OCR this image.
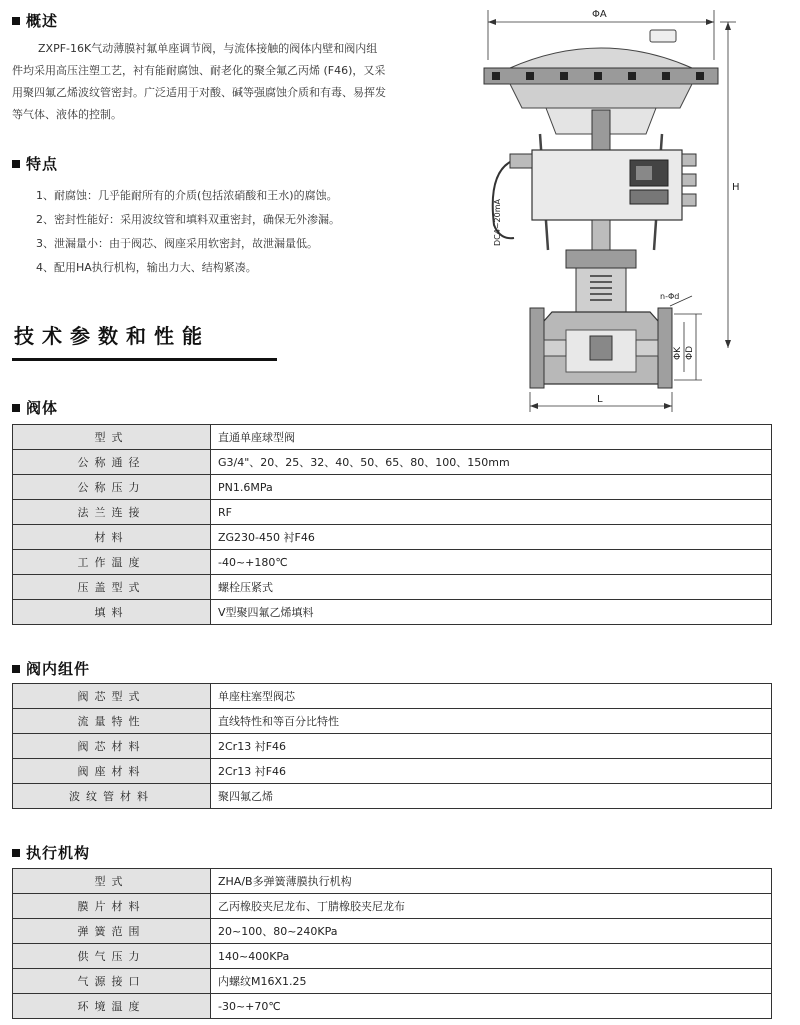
概述
ZXPF-16K气动薄膜衬氟单座调节阀，与流体接触的阀体内壁和阀内组
件均采用高压注塑工艺，衬有能耐腐蚀、耐老化的聚全氟乙丙烯 (F46)，又采
用聚四氟乙烯波纹管密封。广泛适用于对酸、碱等强腐蚀介质和有毒、易挥发
等气体、液体的控制。
特点
1、耐腐蚀：几乎能耐所有的介质(包括浓硝酸和王水)的腐蚀。
2、密封性能好：采用波纹管和填料双重密封，确保无外渗漏。
3、泄漏量小：由于阀芯、阀座采用软密封，故泄漏量低。
4、配用HA执行机构，输出力大、结构紧凑。
技术参数和性能
ΦA
DC4~20mA
H
ΦK ΦD
n-Φd
L
阀体
型式	直通单座球型阀
公称通径	G3/4"、20、25、32、40、50、65、80、100、150mm
公称压力	PN1.6MPa
法兰连接	RF
材料	ZG230-450 衬F46
工作温度	-40~+180℃
压盖型式	螺栓压紧式
填料	V型聚四氟乙烯填料
阀内组件
阀芯型式	单座柱塞型阀芯
流量特性	直线特性和等百分比特性
阀芯材料	2Cr13 衬F46
阀座材料	2Cr13 衬F46
波纹管材料	聚四氟乙烯
执行机构
型式	ZHA/B多弹簧薄膜执行机构
膜片材料	乙丙橡胶夹尼龙布、丁腈橡胶夹尼龙布
弹簧范围	20~100、80~240KPa
供气压力	140~400KPa
气源接口	内螺纹M16X1.25
环境温度	-30~+70℃
